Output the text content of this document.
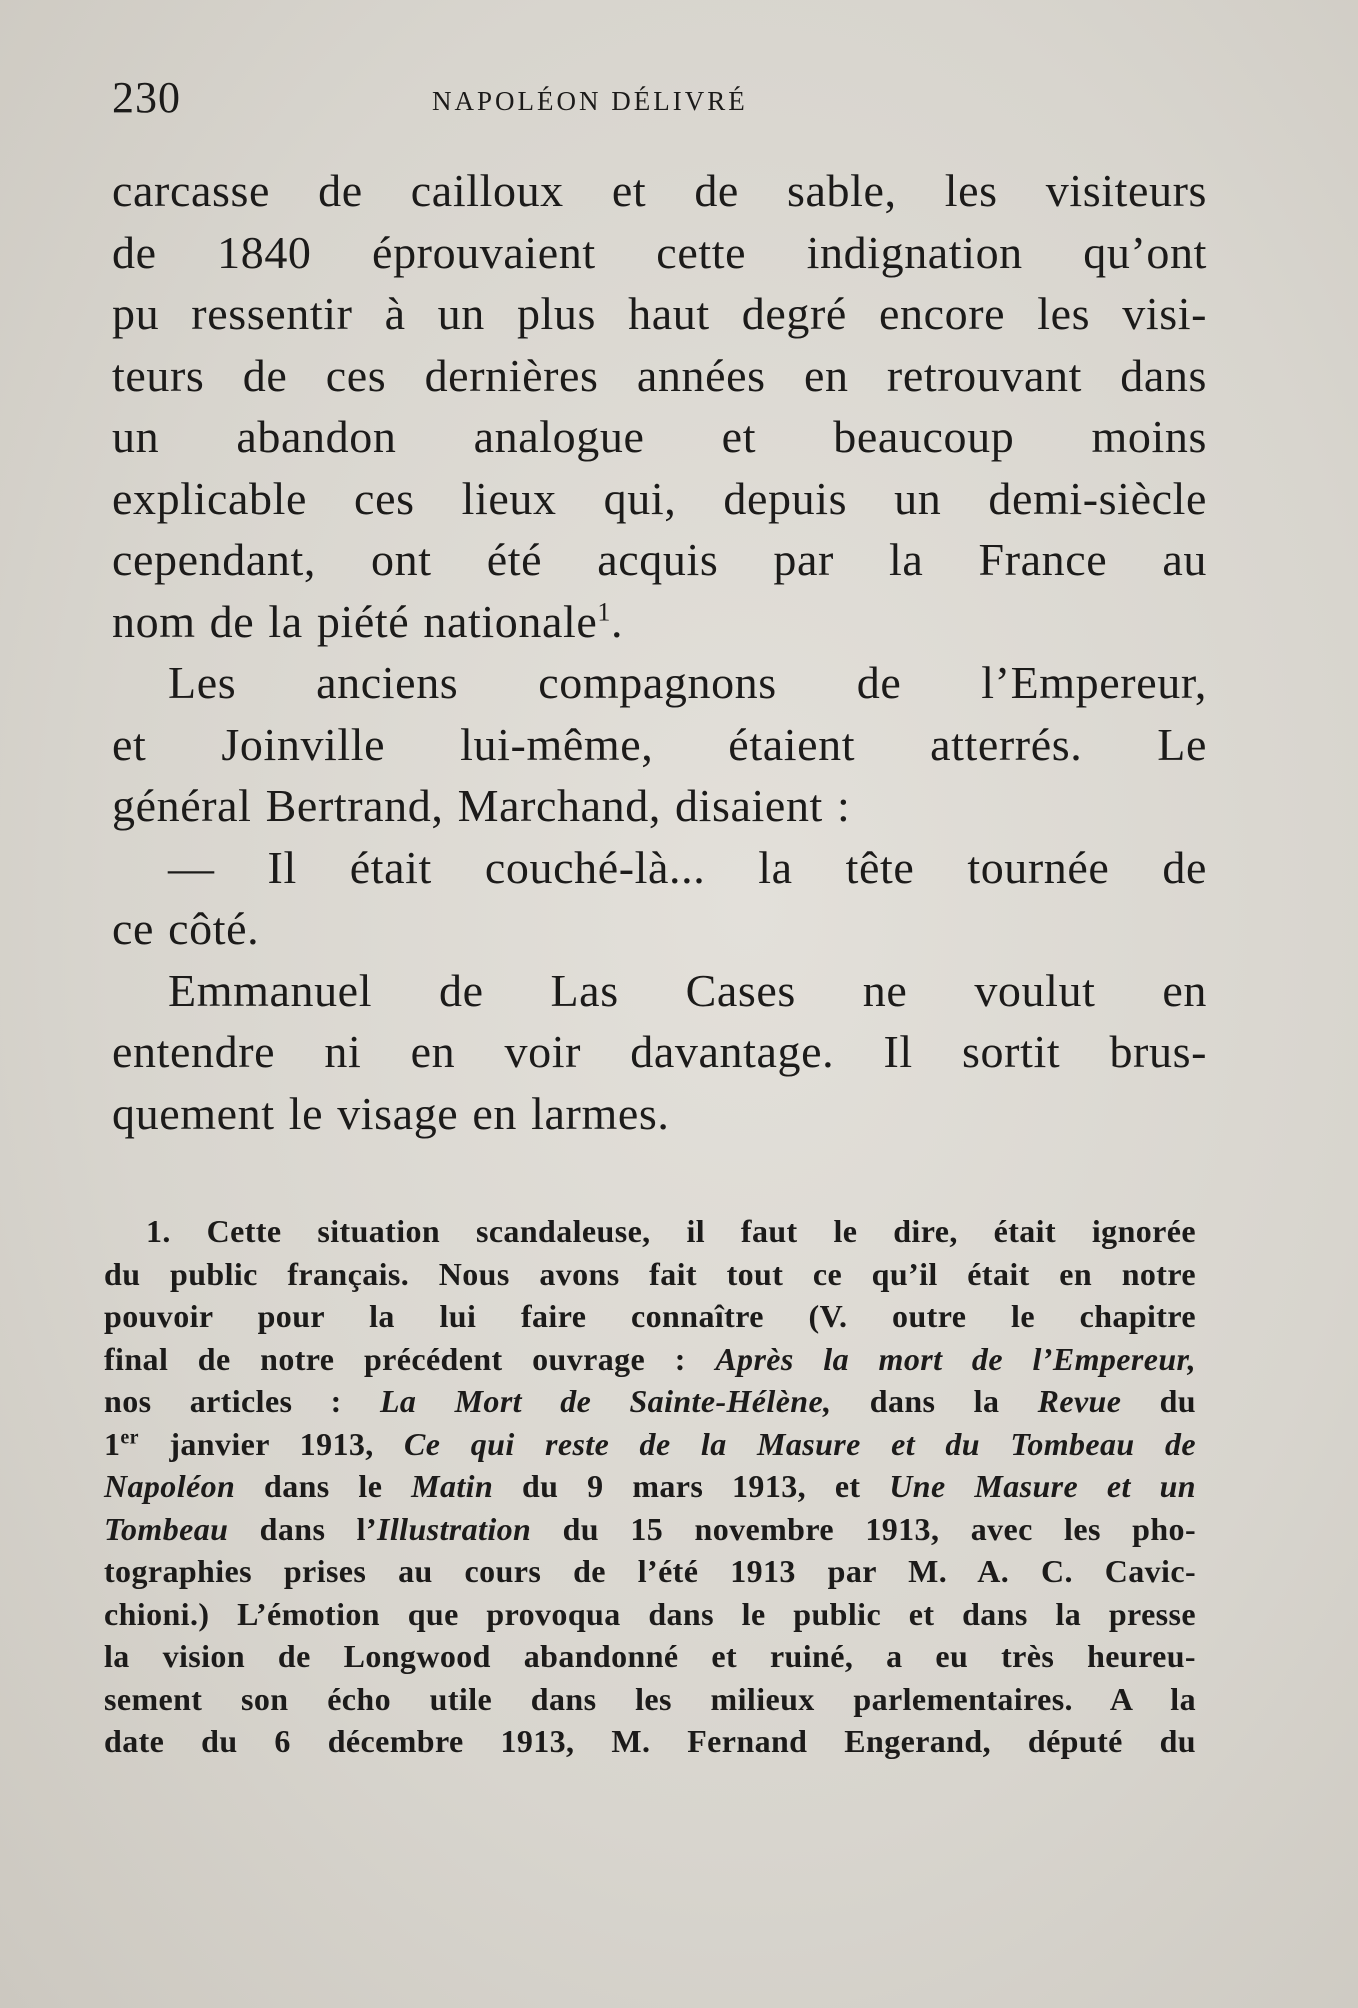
230	NAPOLÉON DÉLIVRÉ

carcasse de cailloux et de sable, les visiteurs
de 1840 éprouvaient cette indignation qu’ont
pu ressentir à un plus haut degré encore les visi-
teurs de ces dernières années en retrouvant dans
un abandon analogue et beaucoup moins
explicable ces lieux qui, depuis un demi-siècle
cependant, ont été acquis par la France au
nom de la piété nationale$^1$.

Les anciens compagnons de l’Empereur,
et Joinville lui-même, étaient atterrés. Le
général Bertrand, Marchand, disaient :

— Il était couché-là... la tête tournée de
ce côté.

Emmanuel de Las Cases ne voulut en
entendre ni en voir davantage. Il sortit brus-
quement le visage en larmes.

1. Cette situation scandaleuse, il faut le dire, était ignorée
du public français. Nous avons fait tout ce qu’il était en notre
pouvoir pour la lui faire connaître (V. outre le chapitre
final de notre précédent ouvrage : Après la mort de l’Empereur,
nos articles : La Mort de Sainte-Hélène, dans la Revue du
1er janvier 1913, Ce qui reste de la Masure et du Tombeau de
Napoléon dans le Matin du 9 mars 1913, et Une Masure et un
Tombeau dans l’Illustration du 15 novembre 1913, avec les pho-
tographies prises au cours de l’été 1913 par M. A. C. Cavic-
chioni.) L’émotion que provoqua dans le public et dans la presse
la vision de Longwood abandonné et ruiné, a eu très heureu-
sement son écho utile dans les milieux parlementaires. A la
date du 6 décembre 1913, M. Fernand Engerand, député du
